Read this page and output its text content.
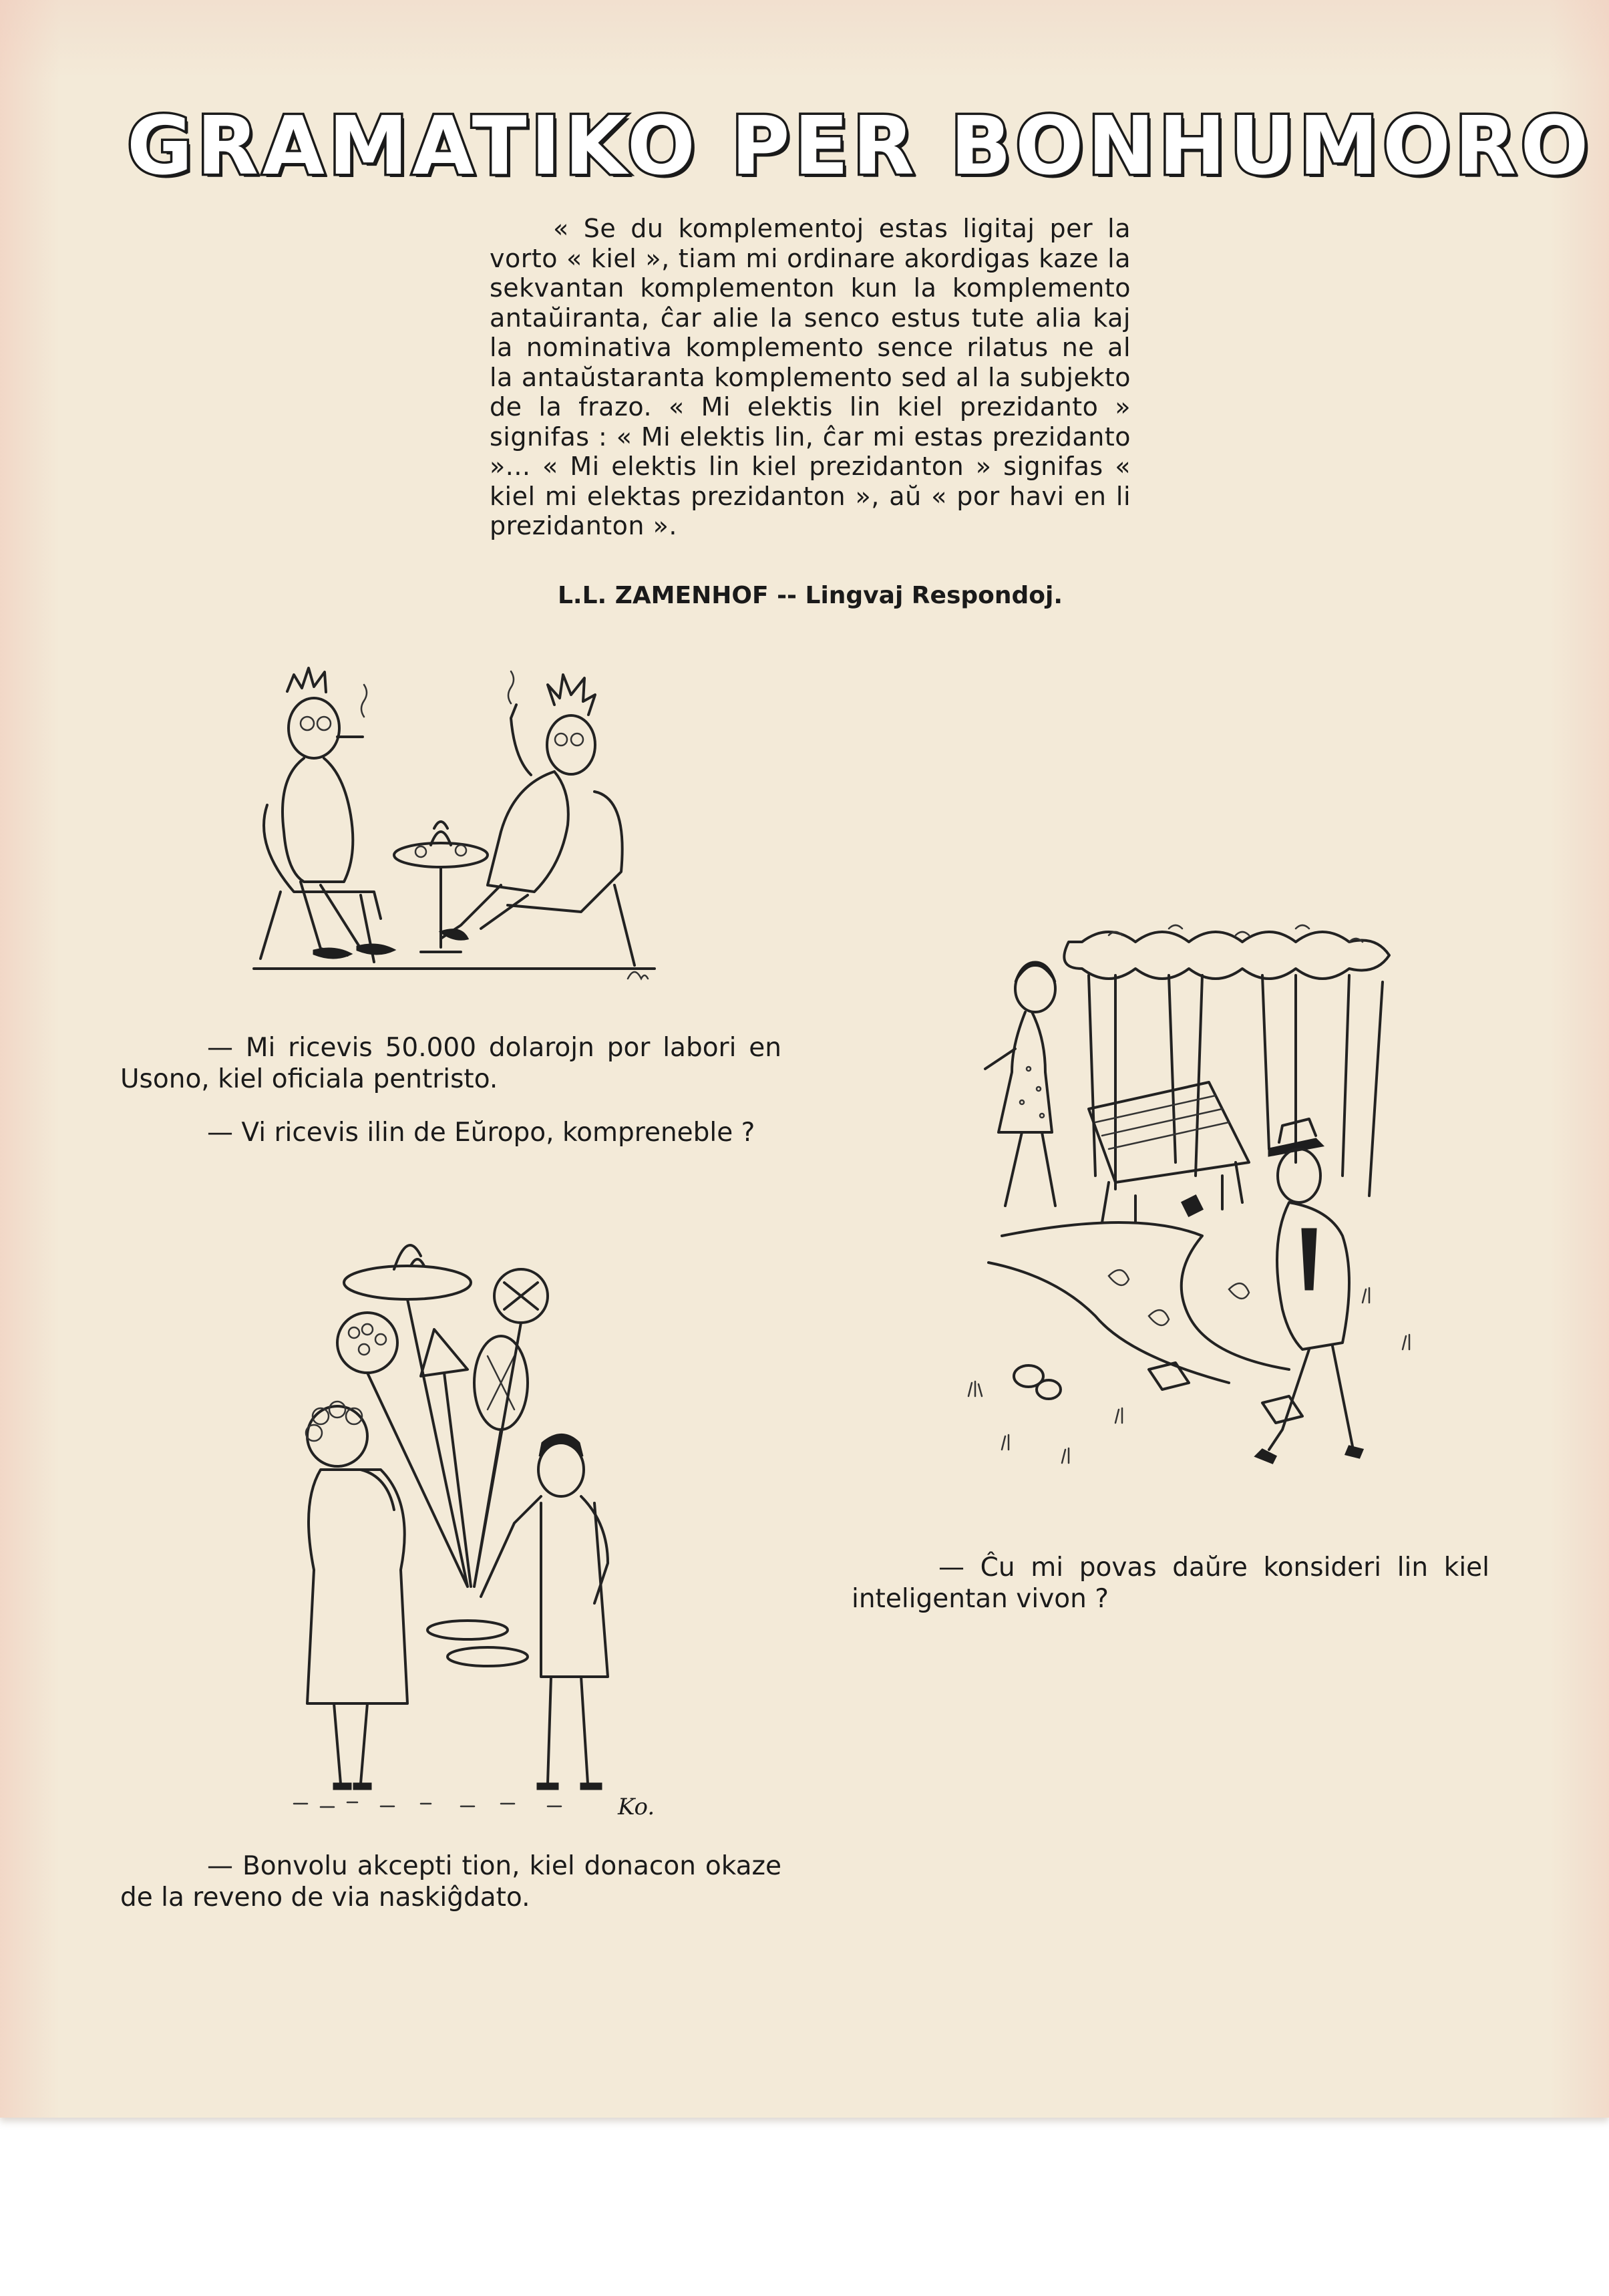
GRAMATIKO PER BONHUMORO

« Se du komplementoj estas ligitaj per la vorto « kiel », tiam mi ordinare akordigas kaze la sekvantan komplementon kun la komplemento antaŭiranta, ĉar alie la senco estus tute alia kaj la nominativa komplemento sence rilatus ne al la antaŭstaranta komplemento sed al la subjekto de la frazo. « Mi elektis lin kiel prezidanto » signifas : « Mi elektis lin, ĉar mi estas prezidanto »... « Mi elektis lin kiel prezidanton » signifas « kiel mi elektas prezidanton », aŭ « por havi en li prezidanton ».

L.L. ZAMENHOF -- Lingvaj Respondoj.

— Mi ricevis 50.000 dolarojn por labori en Usono, kiel oficiala pentristo.

— Vi ricevis ilin de Eŭropo, kompreneble ?

Ko.

— Bonvolu akcepti tion, kiel donacon okaze de la reveno de via naskiĝdato.

— Ĉu mi povas daŭre konsideri lin kiel inteligentan vivon ?
